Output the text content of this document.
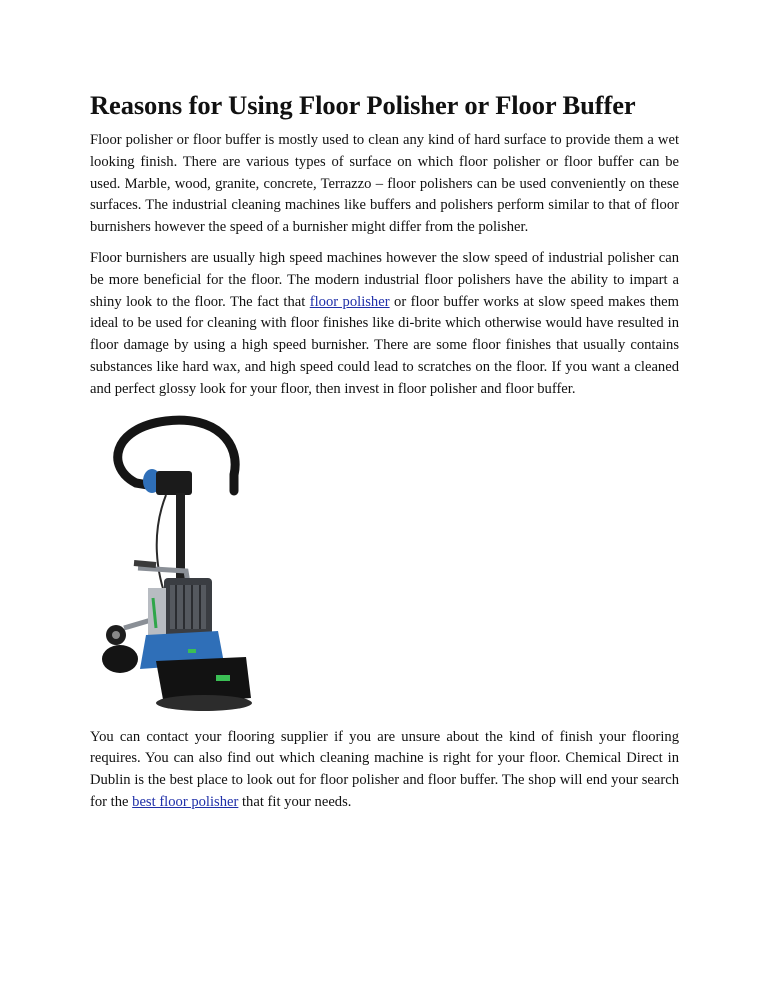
Reasons for Using Floor Polisher or Floor Buffer

Floor polisher or floor buffer is mostly used to clean any kind of hard surface to provide them a wet looking finish. There are various types of surface on which floor polisher or floor buffer can be used. Marble, wood, granite, concrete, Terrazzo – floor polishers can be used conveniently on these surfaces. The industrial cleaning machines like buffers and polishers perform similar to that of floor burnishers however the speed of a burnisher might differ from the polisher.

Floor burnishers are usually high speed machines however the slow speed of industrial polisher can be more beneficial for the floor. The modern industrial floor polishers have the ability to impart a shiny look to the floor. The fact that floor polisher or floor buffer works at slow speed makes them ideal to be used for cleaning with floor finishes like di-brite which otherwise would have resulted in floor damage by using a high speed burnisher. There are some floor finishes that usually contains substances like hard wax, and high speed could lead to scratches on the floor. If you want a cleaned and perfect glossy look for your floor, then invest in floor polisher and floor buffer.

You can contact your flooring supplier if you are unsure about the kind of finish your flooring requires. You can also find out which cleaning machine is right for your floor. Chemical Direct in Dublin is the best place to look out for floor polisher and floor buffer. The shop will end your search for the best floor polisher that fit your needs.
